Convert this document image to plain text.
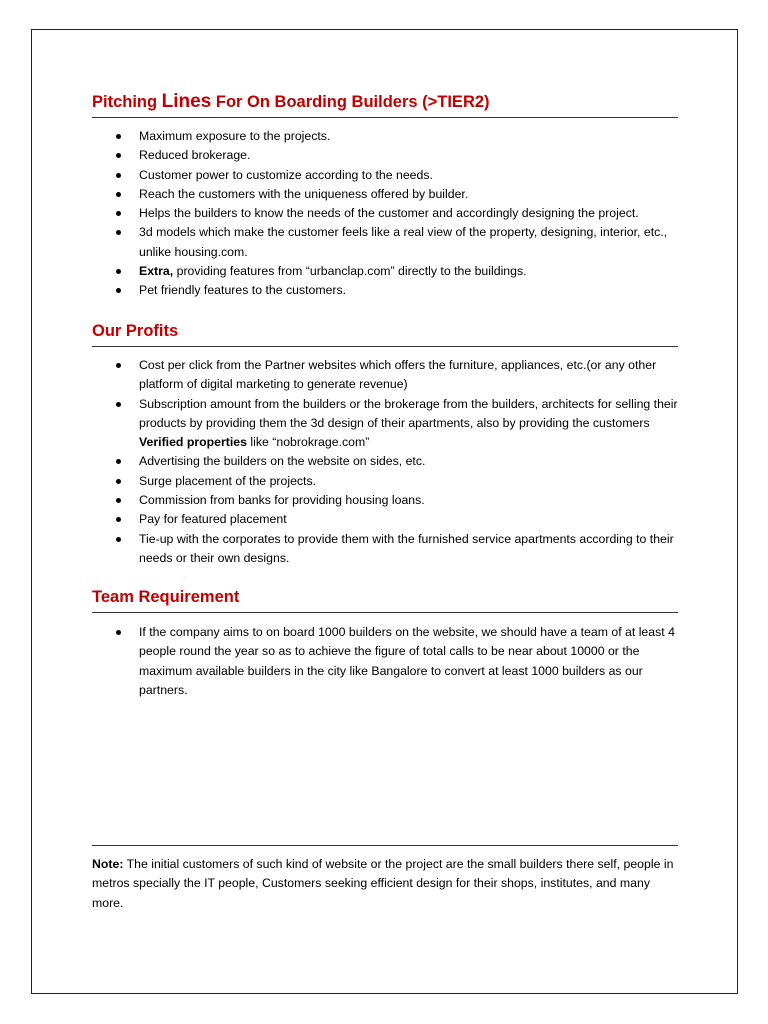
Pitching Lines For On Boarding Builders (>TIER2)
Maximum exposure to the projects.
Reduced brokerage.
Customer power to customize according to the needs.
Reach the customers with the uniqueness offered by builder.
Helps the builders to know the needs of the customer and accordingly designing the project.
3d models which make the customer feels like a real view of the property, designing, interior, etc., unlike housing.com.
Extra, providing features from “urbanclap.com” directly to the buildings.
Pet friendly features to the customers.
Our Profits
Cost per click from the Partner websites which offers the furniture, appliances, etc.(or any other platform of digital marketing to generate revenue)
Subscription amount from the builders or the brokerage from the builders, architects for selling their products by providing them the 3d design of their apartments, also by providing the customers Verified properties like “nobrokrage.com”
Advertising the builders on the website on sides, etc.
Surge placement of the projects.
Commission from banks for providing housing loans.
Pay for featured placement
Tie-up with the corporates to provide them with the furnished service apartments according to their needs or their own designs.
Team Requirement
If the company aims to on board 1000 builders on the website, we should have a team of at least 4 people round the year so as to achieve the figure of total calls to be near about 10000 or the maximum available builders in the city like Bangalore to convert at least 1000 builders as our partners.
Note: The initial customers of such kind of website or the project are the small builders there self, people in metros specially the IT people, Customers seeking efficient design for their shops, institutes, and many more.
